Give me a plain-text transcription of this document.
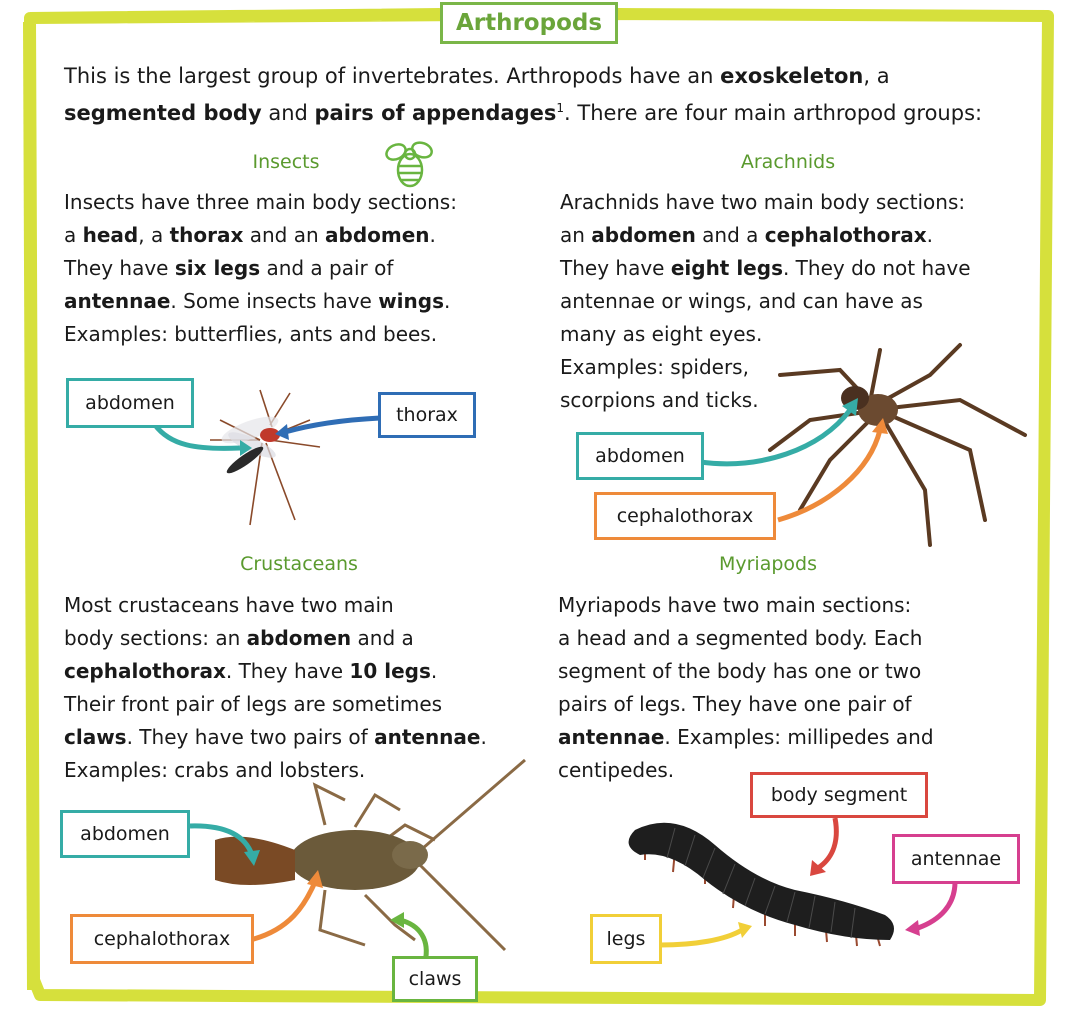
Arthropods
This is the largest group of invertebrates. Arthropods have an exoskeleton, a
segmented body and pairs of appendages$^1$. There are four main arthropod groups:
Insects
Insects have three main body sections:
a head, a thorax and an abdomen.
They have six legs and a pair of
antennae. Some insects have wings.
Examples: butterflies, ants and bees.
abdomen
thorax
Arachnids
Arachnids have two main body sections:
an abdomen and a cephalothorax.
They have eight legs. They do not have
antennae or wings, and can have as
many as eight eyes.
Examples: spiders,
scorpions and ticks.
abdomen
cephalothorax
Crustaceans
Most crustaceans have two main
body sections: an abdomen and a
cephalothorax. They have 10 legs.
Their front pair of legs are sometimes
claws. They have two pairs of antennae.
Examples: crabs and lobsters.
abdomen
cephalothorax
claws
Myriapods
Myriapods have two main sections:
a head and a segmented body. Each
segment of the body has one or two
pairs of legs. They have one pair of
antennae. Examples: millipedes and
centipedes.
body segment
antennae
legs
